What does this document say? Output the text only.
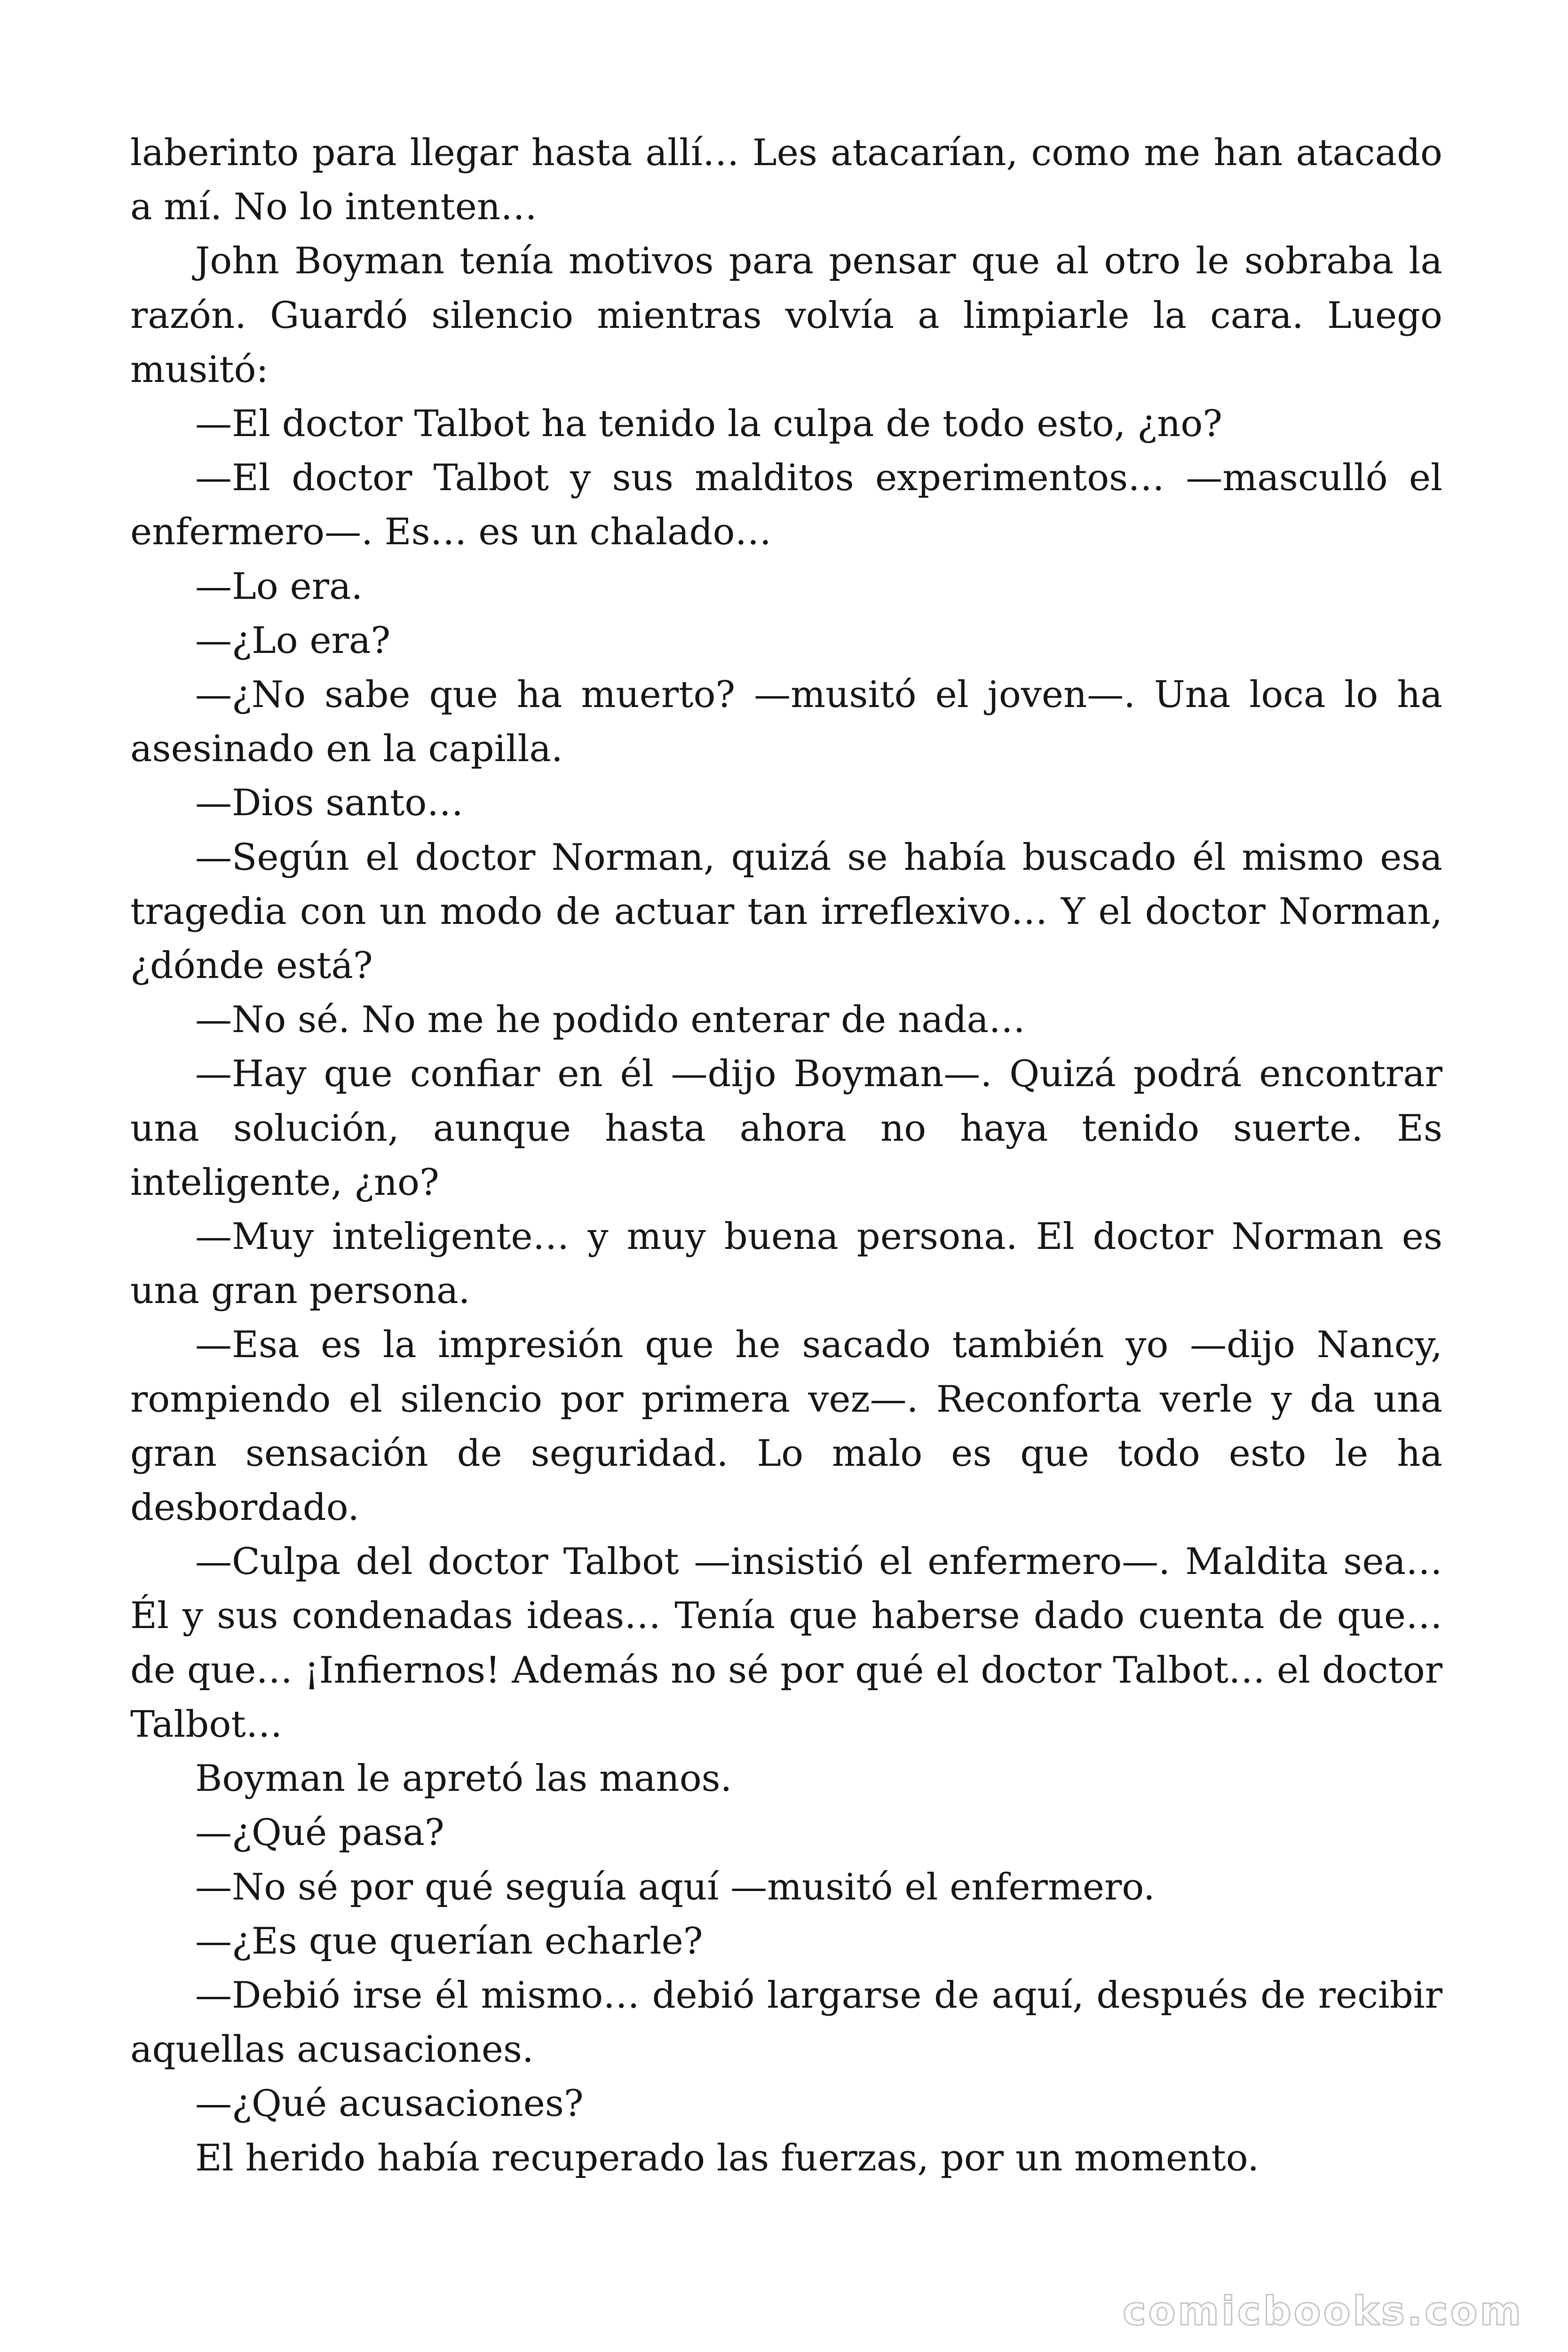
laberinto para llegar hasta allí… Les atacarían, como me han atacado a mí. No lo intenten…

John Boyman tenía motivos para pensar que al otro le sobraba la razón. Guardó silencio mientras volvía a limpiarle la cara. Luego musitó:

—El doctor Talbot ha tenido la culpa de todo esto, ¿no?

—El doctor Talbot y sus malditos experimentos… —masculló el enfermero—. Es… es un chalado…

—Lo era.

—¿Lo era?

—¿No sabe que ha muerto? —musitó el joven—. Una loca lo ha asesinado en la capilla.

—Dios santo…

—Según el doctor Norman, quizá se había buscado él mismo esa tragedia con un modo de actuar tan irreflexivo… Y el doctor Norman, ¿dónde está?

—No sé. No me he podido enterar de nada…

—Hay que confiar en él —dijo Boyman—. Quizá podrá encontrar una solución, aunque hasta ahora no haya tenido suerte. Es inteligente, ¿no?

—Muy inteligente… y muy buena persona. El doctor Norman es una gran persona.

—Esa es la impresión que he sacado también yo —dijo Nancy, rompiendo el silencio por primera vez—. Reconforta verle y da una gran sensación de seguridad. Lo malo es que todo esto le ha desbordado.

—Culpa del doctor Talbot —insistió el enfermero—. Maldita sea… Él y sus condenadas ideas… Tenía que haberse dado cuenta de que… de que… ¡Infiernos! Además no sé por qué el doctor Talbot… el doctor Talbot…

Boyman le apretó las manos.

—¿Qué pasa?

—No sé por qué seguía aquí —musitó el enfermero.

—¿Es que querían echarle?

—Debió irse él mismo… debió largarse de aquí, después de recibir aquellas acusaciones.

—¿Qué acusaciones?

El herido había recuperado las fuerzas, por un momento.

comicbooks.com
